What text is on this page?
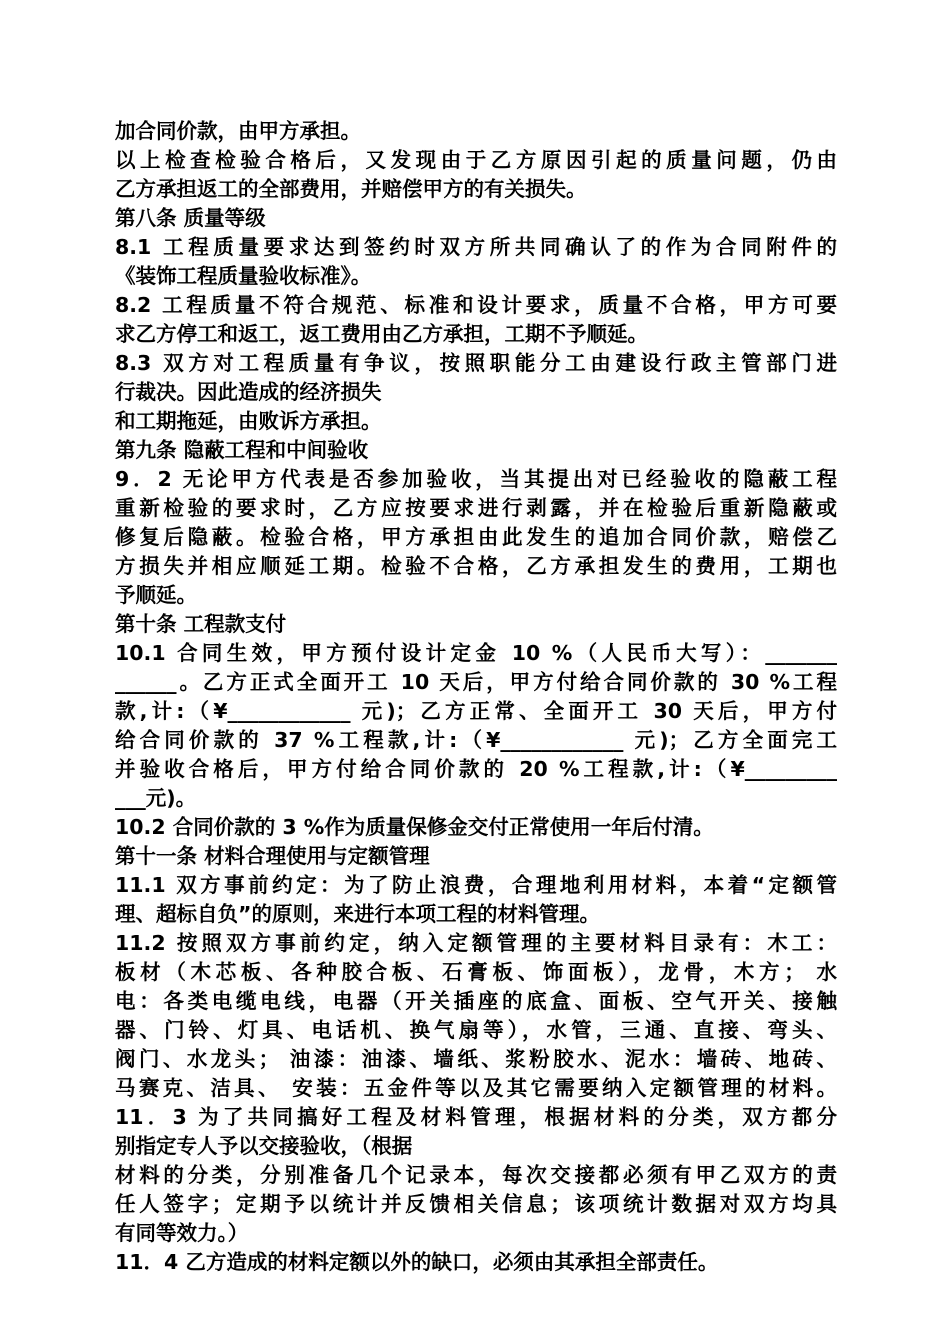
加合同价款，由甲方承担。
以上检查检验合格后，又发现由于乙方原因引起的质量问题，仍由
乙方承担返工的全部费用，并赔偿甲方的有关损失。
第八条 质量等级
8.1 工程质量要求达到签约时双方所共同确认了的作为合同附件的
《装饰工程质量验收标准》。
8.2 工程质量不符合规范、标准和设计要求，质量不合格，甲方可要
求乙方停工和返工，返工费用由乙方承担，工期不予顺延。
8.3 双方对工程质量有争议，按照职能分工由建设行政主管部门进
行裁决。因此造成的经济损失
和工期拖延，由败诉方承担。
第九条 隐蔽工程和中间验收
9．2 无论甲方代表是否参加验收，当其提出对已经验收的隐蔽工程
重新检验的要求时，乙方应按要求进行剥露，并在检验后重新隐蔽或
修复后隐蔽。检验合格，甲方承担由此发生的追加合同价款，赔偿乙
方损失并相应顺延工期。检验不合格，乙方承担发生的费用，工期也
予顺延。
第十条 工程款支付
10.1 合同生效，甲方预付设计定金 10 %（人民币大写）：_______
______。乙方正式全面开工 10 天后，甲方付给合同价款的 30 %工程
款,计:（¥____________ 元)；乙方正常、全面开工 30 天后，甲方付
给合同价款的 37 %工程款,计:（¥____________ 元)；乙方全面完工
并验收合格后，甲方付给合同价款的 20 %工程款,计:（¥_________
___元)。
10.2 合同价款的 3 %作为质量保修金交付正常使用一年后付清。
第十一条 材料合理使用与定额管理
11.1 双方事前约定：为了防止浪费，合理地利用材料，本着“定额管
理、超标自负”的原则，来进行本项工程的材料管理。
11.2 按照双方事前约定，纳入定额管理的主要材料目录有：木工：
板材（木芯板、各种胶合板、石膏板、饰面板），龙骨，木方； 水
电：各类电缆电线，电器（开关插座的底盒、面板、空气开关、接触
器、门铃、灯具、电话机、换气扇等），水管，三通、直接、弯头、
阀门、水龙头； 油漆：油漆、墙纸、浆粉胶水、泥水：墙砖、地砖、
马赛克、洁具、 安装：五金件等以及其它需要纳入定额管理的材料。
11．3 为了共同搞好工程及材料管理，根据材料的分类，双方都分
别指定专人予以交接验收，（根据
材料的分类，分别准备几个记录本，每次交接都必须有甲乙双方的责
任人签字；定期予以统计并反馈相关信息；该项统计数据对双方均具
有同等效力。）
11．4 乙方造成的材料定额以外的缺口，必须由其承担全部责任。
